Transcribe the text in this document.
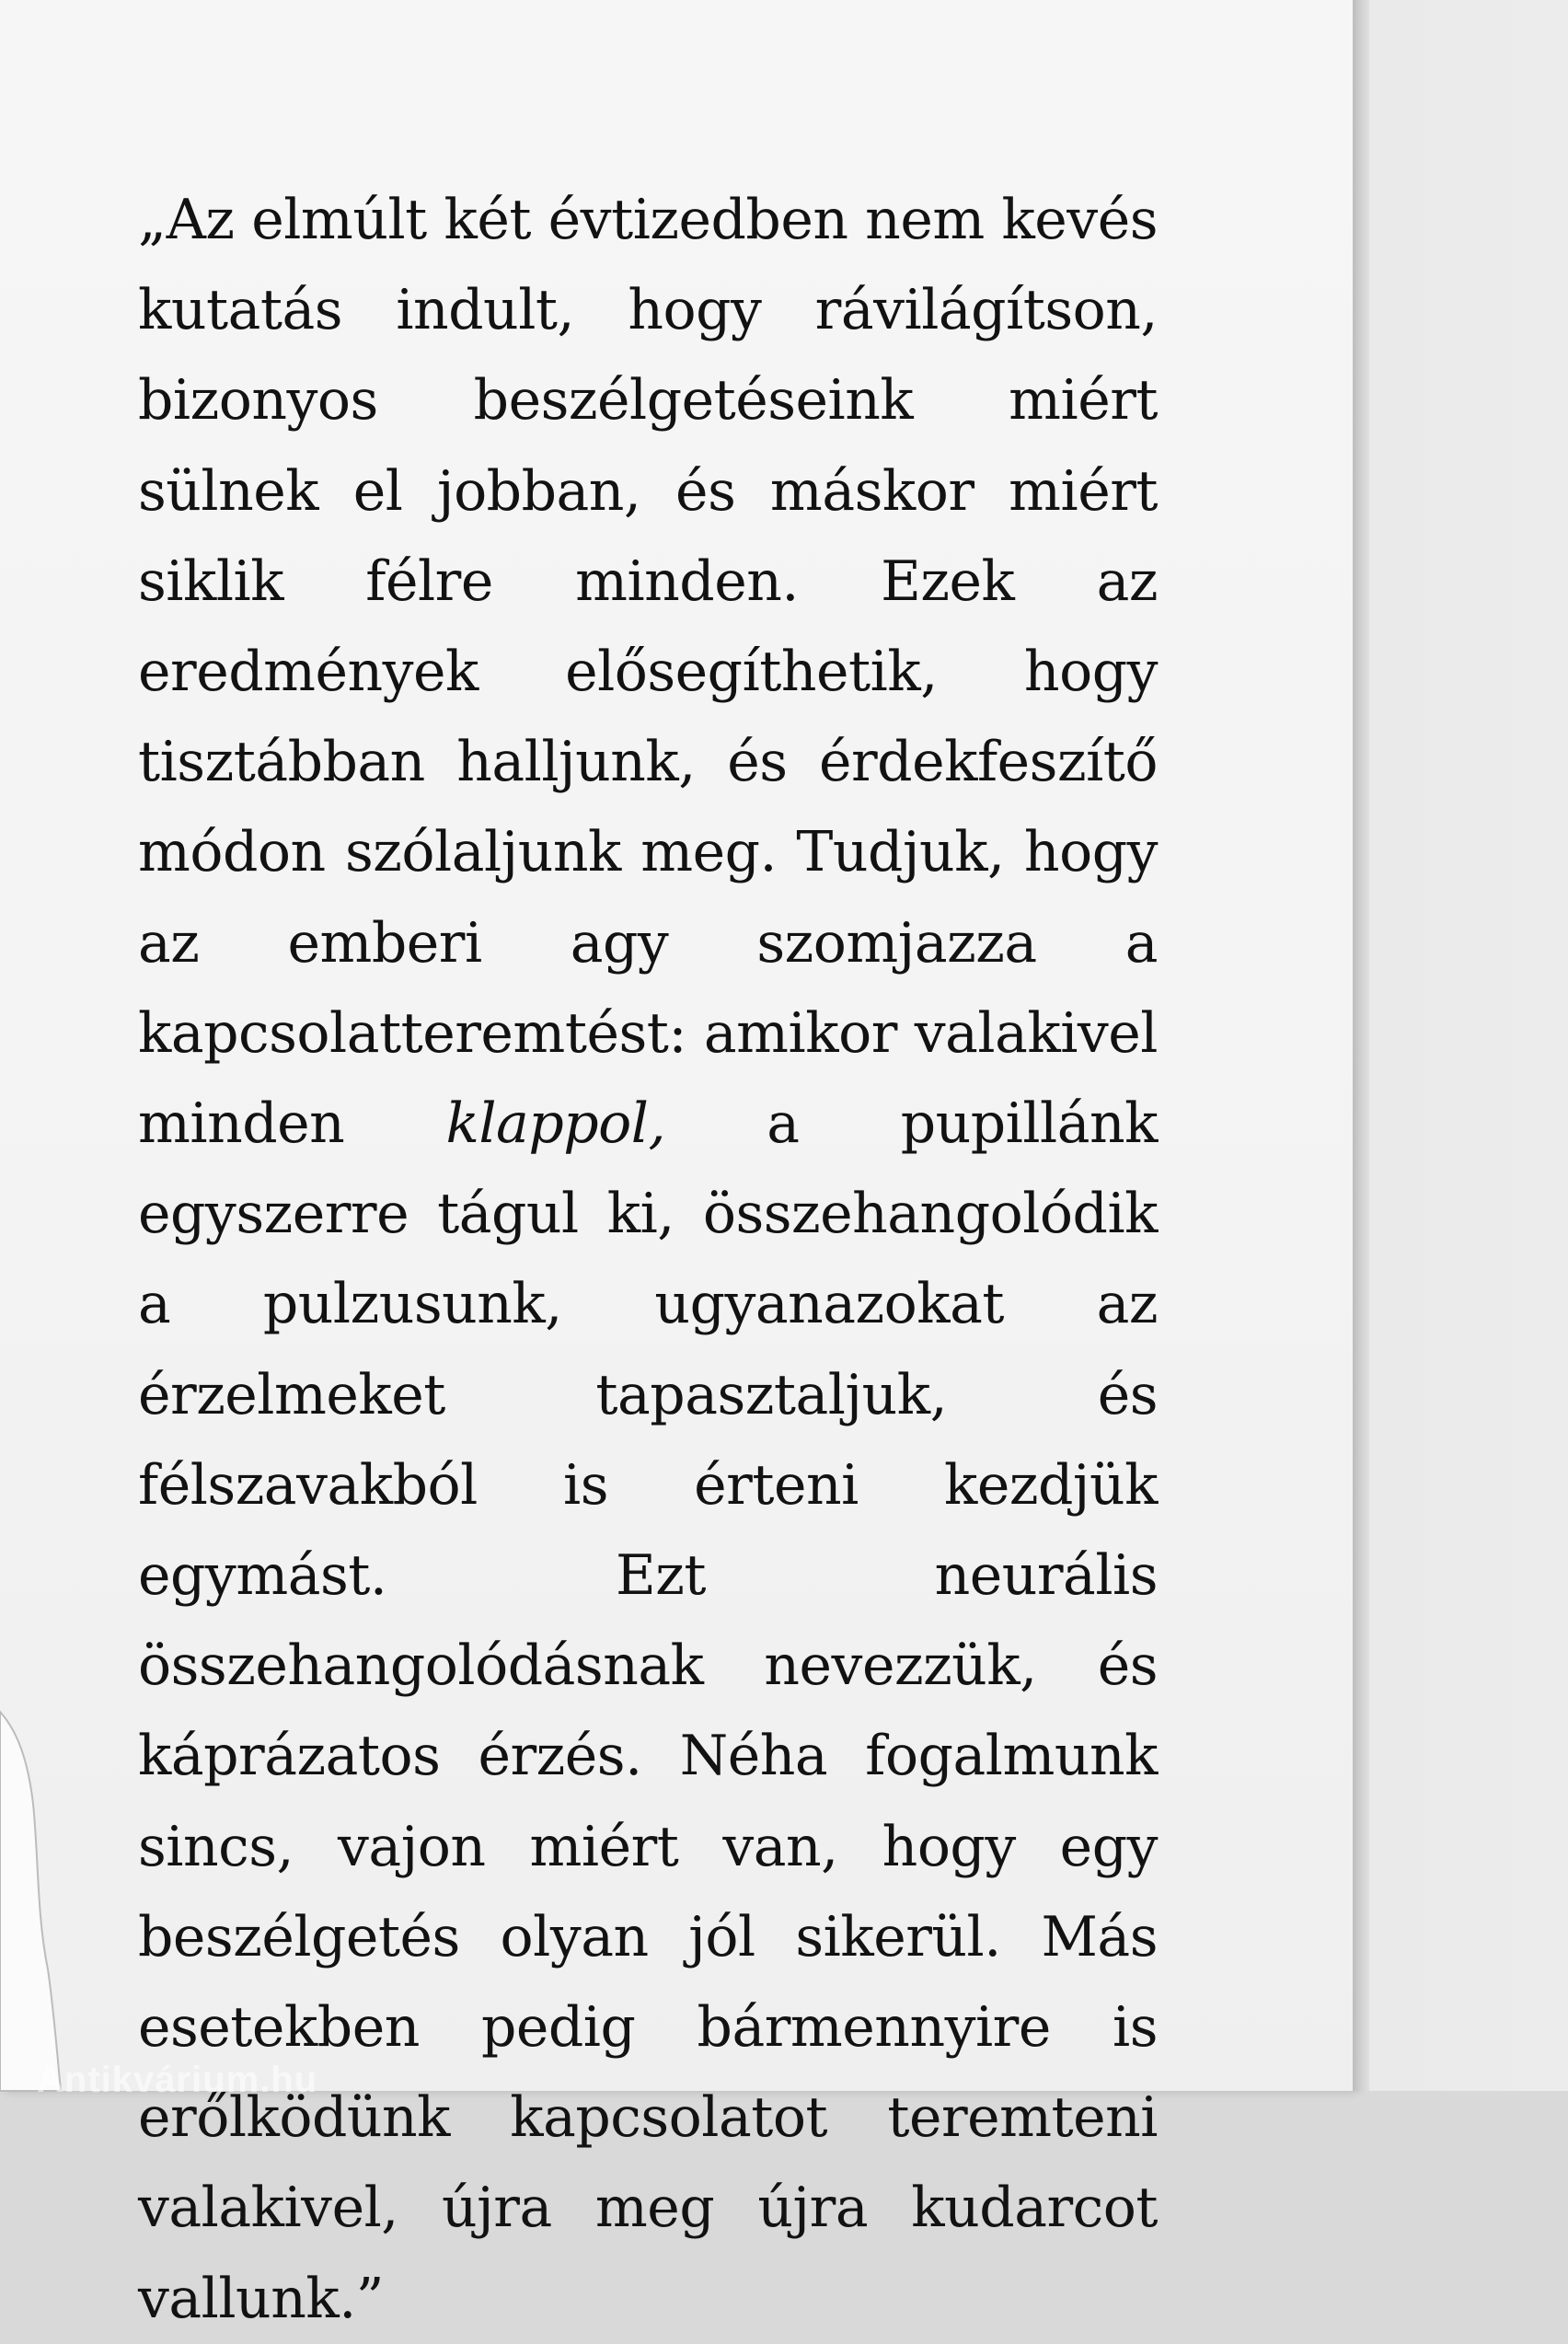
„Az elmúlt két évtizedben nem kevés kutatás indult, hogy rávilágítson, bizonyos beszélgetéseink miért sülnek el jobban, és máskor miért siklik félre minden. Ezek az eredmények elősegíthetik, hogy tisztábban halljunk, és érdekfeszítő módon szólaljunk meg. Tudjuk, hogy az emberi agy szomjazza a kapcsolatteremtést: amikor valakivel minden klappol, a pupillánk egyszerre tágul ki, összehangolódik a pulzusunk, ugyanazokat az érzelmeket tapasztaljuk, és félszavakból is érteni kezdjük egymást. Ezt neurális összehangolódásnak nevezzük, és káprázatos érzés. Néha fogalmunk sincs, vajon miért van, hogy egy beszélgetés olyan jól sikerül. Más esetekben pedig bármennyire is erőlködünk kapcsolatot teremteni valakivel, újra meg újra kudarcot vallunk.”

Antikvárium.hu
